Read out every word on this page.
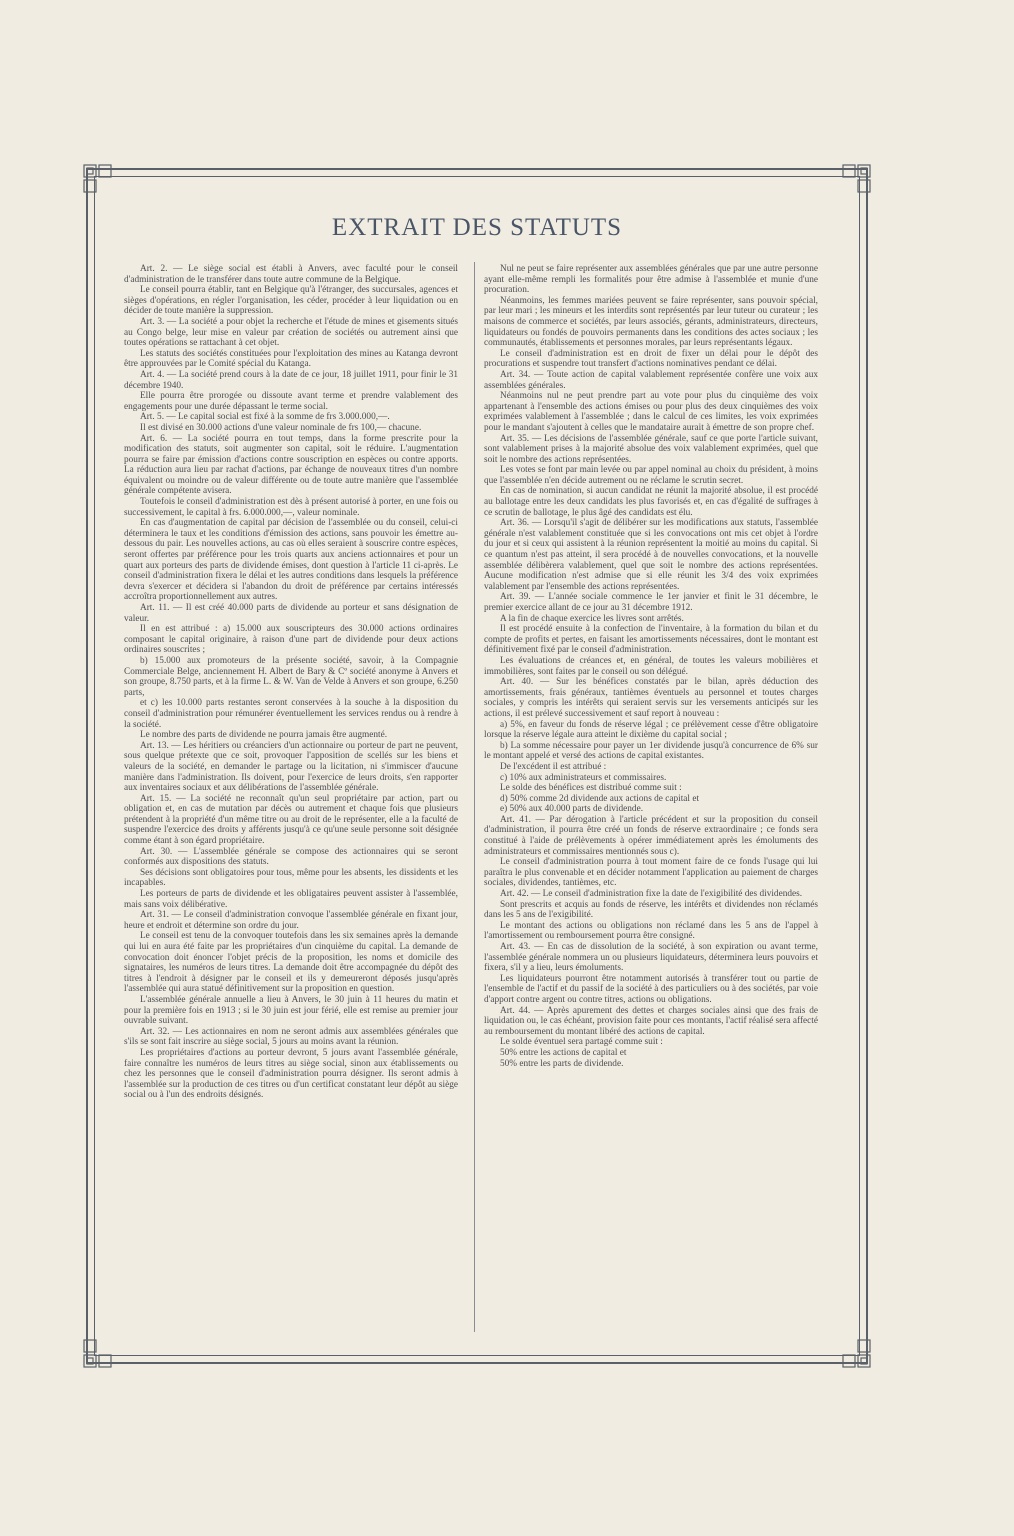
EXTRAIT DES STATUTS

Art. 2. — Le siège social est établi à Anvers, avec faculté pour le conseil d'administration de le transférer dans toute autre commune de la Belgique.

Le conseil pourra établir, tant en Belgique qu'à l'étranger, des succursales, agences et sièges d'opérations, en régler l'organisation, les céder, procéder à leur liquidation ou en décider de toute manière la suppression.

Art. 3. — La société a pour objet la recherche et l'étude de mines et gisements situés au Congo belge, leur mise en valeur par création de sociétés ou autrement ainsi que toutes opérations se rattachant à cet objet.

Les statuts des sociétés constituées pour l'exploitation des mines au Katanga devront être approuvées par le Comité spécial du Katanga.

Art. 4. — La société prend cours à la date de ce jour, 18 juillet 1911, pour finir le 31 décembre 1940.

Elle pourra être prorogée ou dissoute avant terme et prendre valablement des engagements pour une durée dépassant le terme social.

Art. 5. — Le capital social est fixé à la somme de frs 3.000.000,—.

Il est divisé en 30.000 actions d'une valeur nominale de frs 100,— chacune.

Art. 6. — La société pourra en tout temps, dans la forme prescrite pour la modification des statuts, soit augmenter son capital, soit le réduire. L'augmentation pourra se faire par émission d'actions contre souscription en espèces ou contre apports. La réduction aura lieu par rachat d'actions, par échange de nouveaux titres d'un nombre équivalent ou moindre ou de valeur différente ou de toute autre manière que l'assemblée générale compétente avisera.

Toutefois le conseil d'administration est dès à présent autorisé à porter, en une fois ou successivement, le capital à frs. 6.000.000,—, valeur nominale.

En cas d'augmentation de capital par décision de l'assemblée ou du conseil, celui-ci déterminera le taux et les conditions d'émission des actions, sans pouvoir les émettre au-dessous du pair. Les nouvelles actions, au cas où elles seraient à souscrire contre espèces, seront offertes par préférence pour les trois quarts aux anciens actionnaires et pour un quart aux porteurs des parts de dividende émises, dont question à l'article 11 ci-après. Le conseil d'administration fixera le délai et les autres conditions dans lesquels la préférence devra s'exercer et décidera si l'abandon du droit de préférence par certains intéressés accroîtra proportionnellement aux autres.

Art. 11. — Il est créé 40.000 parts de dividende au porteur et sans désignation de valeur.

Il en est attribué : a) 15.000 aux souscripteurs des 30.000 actions ordinaires composant le capital originaire, à raison d'une part de dividende pour deux actions ordinaires souscrites ;

b) 15.000 aux promoteurs de la présente société, savoir, à la Compagnie Commerciale Belge, anciennement H. Albert de Bary & Cº société anonyme à Anvers et son groupe, 8.750 parts, et à la firme L. & W. Van de Velde à Anvers et son groupe, 6.250 parts,

et c) les 10.000 parts restantes seront conservées à la souche à la disposition du conseil d'administration pour rémunérer éventuellement les services rendus ou à rendre à la société.

Le nombre des parts de dividende ne pourra jamais être augmenté.

Art. 13. — Les héritiers ou créanciers d'un actionnaire ou porteur de part ne peuvent, sous quelque prétexte que ce soit, provoquer l'apposition de scellés sur les biens et valeurs de la société, en demander le partage ou la licitation, ni s'immiscer d'aucune manière dans l'administration. Ils doivent, pour l'exercice de leurs droits, s'en rapporter aux inventaires sociaux et aux délibérations de l'assemblée générale.

Art. 15. — La société ne reconnaît qu'un seul propriétaire par action, part ou obligation et, en cas de mutation par décès ou autrement et chaque fois que plusieurs prétendent à la propriété d'un même titre ou au droit de le représenter, elle a la faculté de suspendre l'exercice des droits y afférents jusqu'à ce qu'une seule personne soit désignée comme étant à son égard propriétaire.

Art. 30. — L'assemblée générale se compose des actionnaires qui se seront conformés aux dispositions des statuts.

Ses décisions sont obligatoires pour tous, même pour les absents, les dissidents et les incapables.

Les porteurs de parts de dividende et les obligataires peuvent assister à l'assemblée, mais sans voix délibérative.

Art. 31. — Le conseil d'administration convoque l'assemblée générale en fixant jour, heure et endroit et détermine son ordre du jour.

Le conseil est tenu de la convoquer toutefois dans les six semaines après la demande qui lui en aura été faite par les propriétaires d'un cinquième du capital. La demande de convocation doit énoncer l'objet précis de la proposition, les noms et domicile des signataires, les numéros de leurs titres. La demande doit être accompagnée du dépôt des titres à l'endroit à désigner par le conseil et ils y demeureront déposés jusqu'après l'assemblée qui aura statué définitivement sur la proposition en question.

L'assemblée générale annuelle a lieu à Anvers, le 30 juin à 11 heures du matin et pour la première fois en 1913 ; si le 30 juin est jour férié, elle est remise au premier jour ouvrable suivant.

Art. 32. — Les actionnaires en nom ne seront admis aux assemblées générales que s'ils se sont fait inscrire au siège social, 5 jours au moins avant la réunion.

Les propriétaires d'actions au porteur devront, 5 jours avant l'assemblée générale, faire connaître les numéros de leurs titres au siège social, sinon aux établissements ou chez les personnes que le conseil d'administration pourra désigner. Ils seront admis à l'assemblée sur la production de ces titres ou d'un certificat constatant leur dépôt au siège social ou à l'un des endroits désignés.

Nul ne peut se faire représenter aux assemblées générales que par une autre personne ayant elle-même rempli les formalités pour être admise à l'assemblée et munie d'une procuration.

Néanmoins, les femmes mariées peuvent se faire représenter, sans pouvoir spécial, par leur mari ; les mineurs et les interdits sont représentés par leur tuteur ou curateur ; les maisons de commerce et sociétés, par leurs associés, gérants, administrateurs, directeurs, liquidateurs ou fondés de pouvoirs permanents dans les conditions des actes sociaux ; les communautés, établissements et personnes morales, par leurs représentants légaux.

Le conseil d'administration est en droit de fixer un délai pour le dépôt des procurations et suspendre tout transfert d'actions nominatives pendant ce délai.

Art. 34. — Toute action de capital valablement représentée confère une voix aux assemblées générales.

Néanmoins nul ne peut prendre part au vote pour plus du cinquième des voix appartenant à l'ensemble des actions émises ou pour plus des deux cinquièmes des voix exprimées valablement à l'assemblée ; dans le calcul de ces limites, les voix exprimées pour le mandant s'ajoutent à celles que le mandataire aurait à émettre de son propre chef.

Art. 35. — Les décisions de l'assemblée générale, sauf ce que porte l'article suivant, sont valablement prises à la majorité absolue des voix valablement exprimées, quel que soit le nombre des actions représentées.

Les votes se font par main levée ou par appel nominal au choix du président, à moins que l'assemblée n'en décide autrement ou ne réclame le scrutin secret.

En cas de nomination, si aucun candidat ne réunit la majorité absolue, il est procédé au ballotage entre les deux candidats les plus favorisés et, en cas d'égalité de suffrages à ce scrutin de ballotage, le plus âgé des candidats est élu.

Art. 36. — Lorsqu'il s'agit de délibérer sur les modifications aux statuts, l'assemblée générale n'est valablement constituée que si les convocations ont mis cet objet à l'ordre du jour et si ceux qui assistent à la réunion représentent la moitié au moins du capital. Si ce quantum n'est pas atteint, il sera procédé à de nouvelles convocations, et la nouvelle assemblée délibèrera valablement, quel que soit le nombre des actions représentées. Aucune modification n'est admise que si elle réunit les 3/4 des voix exprimées valablement par l'ensemble des actions représentées.

Art. 39. — L'année sociale commence le 1er janvier et finit le 31 décembre, le premier exercice allant de ce jour au 31 décembre 1912.

A la fin de chaque exercice les livres sont arrêtés.

Il est procédé ensuite à la confection de l'inventaire, à la formation du bilan et du compte de profits et pertes, en faisant les amortissements nécessaires, dont le montant est définitivement fixé par le conseil d'administration.

Les évaluations de créances et, en général, de toutes les valeurs mobilières et immobilières, sont faites par le conseil ou son délégué.

Art. 40. — Sur les bénéfices constatés par le bilan, après déduction des amortissements, frais généraux, tantièmes éventuels au personnel et toutes charges sociales, y compris les intérêts qui seraient servis sur les versements anticipés sur les actions, il est prélevé successivement et sauf report à nouveau :

a) 5%, en faveur du fonds de réserve légal ; ce prélèvement cesse d'être obligatoire lorsque la réserve légale aura atteint le dixième du capital social ;

b) La somme nécessaire pour payer un 1er dividende jusqu'à concurrence de 6% sur le montant appelé et versé des actions de capital existantes.

De l'excédent il est attribué :

c) 10% aux administrateurs et commissaires.

Le solde des bénéfices est distribué comme suit :

d) 50% comme 2d dividende aux actions de capital et

e) 50% aux 40.000 parts de dividende.

Art. 41. — Par dérogation à l'article précédent et sur la proposition du conseil d'administration, il pourra être créé un fonds de réserve extraordinaire ; ce fonds sera constitué à l'aide de prélèvements à opérer immédiatement après les émoluments des administrateurs et commissaires mentionnés sous c).

Le conseil d'administration pourra à tout moment faire de ce fonds l'usage qui lui paraîtra le plus convenable et en décider notamment l'application au paiement de charges sociales, dividendes, tantièmes, etc.

Art. 42. — Le conseil d'administration fixe la date de l'exigibilité des dividendes.

Sont prescrits et acquis au fonds de réserve, les intérêts et dividendes non réclamés dans les 5 ans de l'exigibilité.

Le montant des actions ou obligations non réclamé dans les 5 ans de l'appel à l'amortissement ou remboursement pourra être consigné.

Art. 43. — En cas de dissolution de la société, à son expiration ou avant terme, l'assemblée générale nommera un ou plusieurs liquidateurs, déterminera leurs pouvoirs et fixera, s'il y a lieu, leurs émoluments.

Les liquidateurs pourront être notamment autorisés à transférer tout ou partie de l'ensemble de l'actif et du passif de la société à des particuliers ou à des sociétés, par voie d'apport contre argent ou contre titres, actions ou obligations.

Art. 44. — Après apurement des dettes et charges sociales ainsi que des frais de liquidation ou, le cas échéant, provision faite pour ces montants, l'actif réalisé sera affecté au remboursement du montant libéré des actions de capital.

Le solde éventuel sera partagé comme suit :

50% entre les actions de capital et

50% entre les parts de dividende.
